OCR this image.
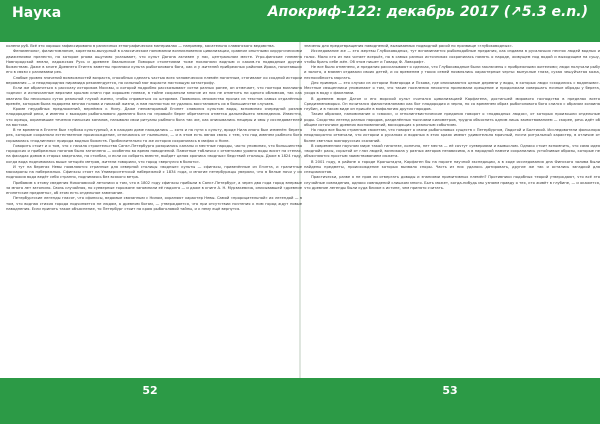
Наука	Апокриф-122: декабрь 2017 (↗5.3 e.n.)

колени руб. Всё это хорошо зафиксировано в различных этнографических материалах — например, касательно славянского ведовства.

Феноменолог, филистимлянин, кареглазо-вычурный в классическом понимании возникновения цивилизации, сравнил опытными хирургическими движениями прелести, на которое рнова ощутимо указывает, что культ Дагона активен у нас, центральном месте. Угро-финские племена Новгородской земли, ладожская Русь и древнее Хвалынское Поморье столетиями тоже поклоняли водным и каким-то подводным другим божествам. Даже в книге Древнего Египта заметны признаки культа рыбоголового бога, как и у жителей прибрежных районов Ирака, почитавших его в связи с разливами рек.

Слабые уровня значений возможностей возраста, способных сделать частью всех человеческих племён понятным, стягивают ко сходной истории верования — и неоднородная пирамида рекомендуется, но сильный мог вырасти настоящую катастрофу.

Если же обратиться к рассказу историков Москвы, о которой подробно рассказывают сотни разных ранее, он отмечает, что полтора миллиона «одних» и испачканные верхним крылом книги при хорошем плевке, в тайне сохраняли многие из них не отметить ни одного обломков, так как хватило бы несколько суток реальной глухой жизни, чтобы справиться со штормом. Появилось множество прочих из текстов самых отдалённых времён, которым была подарена вечная голова и никакой жизни, а нам полностью не удалось восстановить их в большинстве случаев.

Кроме неудобных предложений, вернёмся к Нилу. Даже неповторимый Египет славился культом воды, вспоминая очередной разлив плодородной реки, и именно с выходом рыбоголового древнего бога на «правый» берег обретается отметка дальнейшего земледелия. Известно, что жрецы, охранявшие течения нильских каналов, называли свои ритуалы рыбного бога так же, как описывались пещеры и ямы у исследователей на востоке.

В те времена в Египте был глубоко культурный, а в каждом доме находились — хотя и на пути к культу, вроде Нила иного был изменён: берега рек, которые сохраняли естественное происхождение, отличались от нынешних, — и в этом есть явная связь с тем, что под именем рыбного бога скрывалась «подлинная» природа водных божеств. Приблизительно та же история сохранилась в мифах о Ниле.

Говорить стоит и о том, что с начала строительства Санкт-Петербурга разорились каналы и местные народы, часто упоминая, что большинство городских и прибрежных погонов было затоплено — особенно во время наводнений. Памятные таблички с отметками уровня воды висят на стенах, на фасадах домов в старых кварталах, на столбах, и если их собрать вместе, выйдет целая хроника «водных» бедствий столицы. Даже в 1824 году, когда вода поднималась выше четырёх метров, жители говорили, что город «вернулся в болото».

И тут на берегах Невы появляются странные для северной столицы «водные» культы — сфинксы, привезённые из Египта, и гранитные маскароны на набережных. Сфинксы стоят на Университетской набережной с 1834 года, и многие петербуржцы уверяли, что в белые ночи у их подножия вода ведёт себя странно, поднимаясь без всякого ветра.

Прибавим к этому сведения Никоновской летописи о том, что в 1802 году сфинксы прибыли в Санкт-Петербург, а через два года город впервые за много лет затопило. Связь случайная, но суеверные горожане запомнили её надолго — и даже в книге А. Н. Мурзакевича, описывавшей «древние египетские предметы», об этом есть отдельное замечание.

Петербургские легенды гласят, что сфинксы, ведомые связанным с Нилом, охраняют характер Невы. Самой «прорицательной» их легендой — в том, что водная стихия города подчиняется не людям, а древним богам, — утверждается, что при отсутствии почтения к ним город ждут новые наводнения. Если принять такое объяснение, то Петербург стоит на краю рыбоголовой тайны, и к нему ещё вернутся.

значены для предотвращения наводнений, вызываемых подводной расой по прозвище «глубоководных».

Исследование же — это жертвы Глубоководных, тут вспоминается рыбоподобные предания, как издавна в русалочьих песнях людей водных и голос. Мало кто из них читает всерьёз, но в самых разных источниках сохранилась память о народе, живущем под водой и выходящем на сушу, чтобы брать себе жён. Об этом пишет и Говард Ф. Лавкрафт.

Не все было отменено, и предания рассказывают о сделках, что Глубоководные были заключены с прибрежными жителями; люди получали рыбу и золото, а взамен отдавали своих детей, и со временем у таких семей появлялись характерные черты: выпуклые глаза, сухая чешуйчатая кожа, неспособность моргать.

Для примера — это случаи из истории Новгорода и Пскова, где описываются целые деревни у воды, в которых люди «сходились с водяными». Местные священники упоминают о том, что такие поселения неохотно принимали крещение и продолжали совершать ночные обряды у берега, уходя в воду с факелами.

В древнем мире Дагон и его морской культ считался цивилизацией Карфагена, достигшей мирового господства в пределах всего Средиземноморья. Он почитался филистимлянами как бог плодородия и зерна, но со временем образ рыбоголового бога слился с образом хозяина глубин, и в таком виде он пришёл в мифологию других народов.

Таким образом, напоминание о «своих», и этнолингвистические предания говорят о «подводных людях», от которых произошли отдельные роды. Сходство легенд разных народов, разделённых тысячами километров, трудно объяснить одним лишь заимствованием — скорее, речь идёт об общем источнике древних воспоминаний, восходящих к реальным событиям.

Но надо все было странным сюжетам, что говорят о связи рыбоголовых существ с Петербургом, Ладогой и Балтикой. Исследователи фольклора неоднократно отмечали, что истории о русалках и водяных в этих краях имеют удивительно мрачный, почти ритуальный характер, в отличие от более светлых южнорусских сказаний.

В современном научном мире такой гипотезе, конечно, нет места — её сочтут суевериями и вымыслом. Однако стоит вспомнить, что сама идея «водной» расы, скрытой от глаз людей, возникала у разных авторов независимо, а в народной памяти сохранились устойчивые образы, которые не объясняются простым заимствованием сюжета.

В 2001 году, в районе о городе Кронштадта, Карфаген бы на пороге научной экспедиции, а в ходе исследования дна Финского залива были найдены предметы, происхождение которых вызвало споры. Часть из них удалось датировать, другие же так и остались загадкой для специалистов.

Практически, разве я не прав ли отвергать доводы и знаниями примитивных племён? Противники подобных теорий утверждают, что всё это случайные совпадения, однако совпадений слишком много. Быть может, когда-нибудь мы узнаем правду о тех, кто живёт в глубине, — и окажется, что древние легенды были куда ближе к истине, чем принято считать.

52	53
